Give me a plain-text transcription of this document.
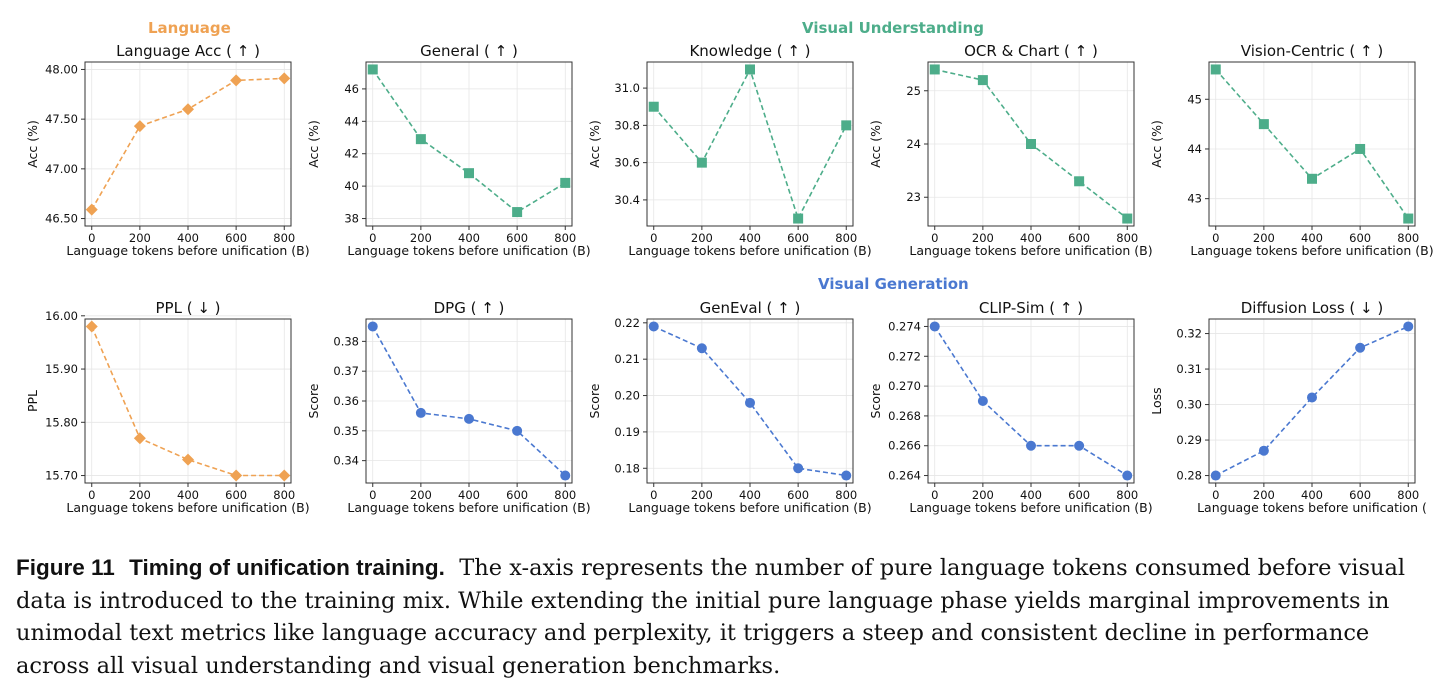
Language	Visual Understanding
Visual Generation
0	200 400 600 800
46.50
47.00
47.50
48.00
Language Acc ( ↑ )
Language tokens before unification (B)
Acc (%)
0	200 400 600 800
38
40
42
44
46
General ( ↑ )
Language tokens before unification (B)
Acc (%)
0	200 400 600 800
30.4
30.6
30.8
31.0
Knowledge ( ↑ )
Language tokens before unification (B)
Acc (%)
0	200 400 600 800
23
24
25
OCR & Chart ( ↑ )
Language tokens before unification (B)
Acc (%)
0	200 400 600 800
43
44
45
Vision-Centric ( ↑ )
Language tokens before unification (B)
Acc (%)
0	200 400 600 800
15.70
15.80
15.90
16.00	PPL ( ↓ )
Language tokens before unification (B)
PPL
0	200 400 600 800
0.34
0.35
0.36
0.37
0.38
DPG ( ↑ )
Language tokens before unification (B)
Score
0	200 400 600 800
0.18
0.19
0.20
0.21
0.22
GenEval ( ↑ )
Language tokens before unification (B)
Score
0	200 400 600 800
0.264
0.266
0.268
0.270
0.272
0.274
CLIP-Sim ( ↑ )
Language tokens before unification (B)
Score
0	200 400 600 800
0.28
0.29
0.30
0.31
0.32
Diffusion Loss ( ↓ )
Language tokens before unification (
Loss
Figure 11 Timing of unification training. The x-axis represents the number of pure language tokens consumed before visual data is introduced to the training mix. While extending the initial pure language phase yields marginal improvements in unimodal text metrics like language accuracy and perplexity, it triggers a steep and consistent decline in performance across all visual understanding and visual generation benchmarks.
